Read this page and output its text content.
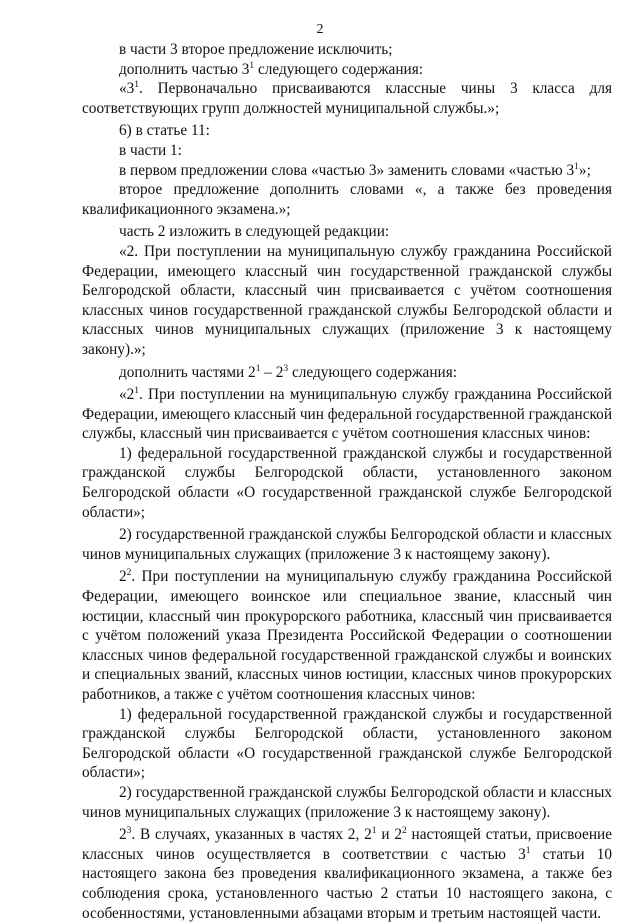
2

в части 3 второе предложение исключить;

дополнить частью $3^1$ следующего содержания:

«$3^1$. Первоначально присваиваются классные чины 3 класса для соответствующих групп должностей муниципальной службы.»;

6) в статье 11:

в части 1:

в первом предложении слова «частью 3» заменить словами «частью $3^1$»;

второе предложение дополнить словами «, а также без проведения квалификационного экзамена.»;

часть 2 изложить в следующей редакции:

«2. При поступлении на муниципальную службу гражданина Российской Федерации, имеющего классный чин государственной гражданской службы Белгородской области, классный чин присваивается с учётом соотношения классных чинов государственной гражданской службы Белгородской области и классных чинов муниципальных служащих (приложение 3 к настоящему закону).»;

дополнить частями $2^1 - 2^3$ следующего содержания:

«$2^1$. При поступлении на муниципальную службу гражданина Российской Федерации, имеющего классный чин федеральной государственной гражданской службы, классный чин присваивается с учётом соотношения классных чинов:

1) федеральной государственной гражданской службы и государственной гражданской службы Белгородской области, установленного законом Белгородской области «О государственной гражданской службе Белгородской области»;

2) государственной гражданской службы Белгородской области и классных чинов муниципальных служащих (приложение 3 к настоящему закону).

$2^2$. При поступлении на муниципальную службу гражданина Российской Федерации, имеющего воинское или специальное звание, классный чин юстиции, классный чин прокурорского работника, классный чин присваивается с учётом положений указа Президента Российской Федерации о соотношении классных чинов федеральной государственной гражданской службы и воинских и специальных званий, классных чинов юстиции, классных чинов прокурорских работников, а также с учётом соотношения классных чинов:

1) федеральной государственной гражданской службы и государственной гражданской службы Белгородской области, установленного законом Белгородской области «О государственной гражданской службе Белгородской области»;

2) государственной гражданской службы Белгородской области и классных чинов муниципальных служащих (приложение 3 к настоящему закону).

$2^3$. В случаях, указанных в частях 2, $2^1$ и $2^2$ настоящей статьи, присвоение классных чинов осуществляется в соответствии с частью $3^1$ статьи 10 настоящего закона без проведения квалификационного экзамена, а также без соблюдения срока, установленного частью 2 статьи 10 настоящего закона, с особенностями, установленными абзацами вторым и третьим настоящей части.
